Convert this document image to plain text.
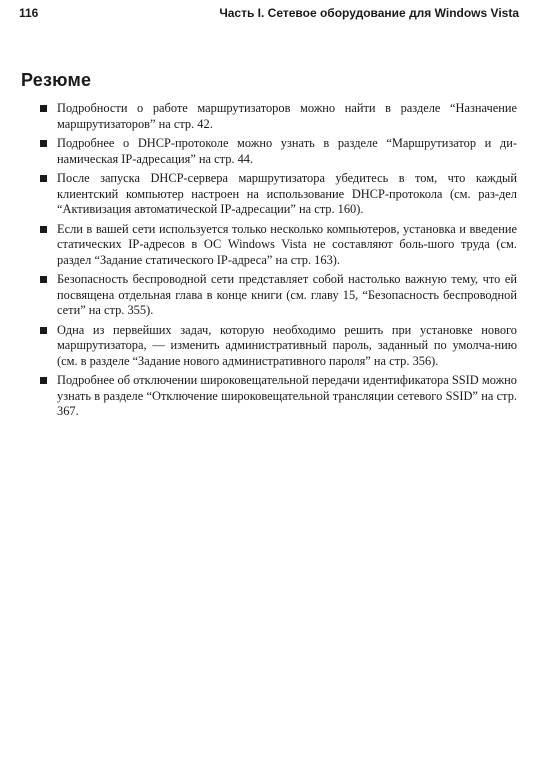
116	Часть I. Сетевое оборудование для Windows Vista
Резюме
Подробности о работе маршрутизаторов можно найти в разделе “Назначение маршрутизаторов” на стр. 42.
Подробнее о DHCP-протоколе можно узнать в разделе “Маршрутизатор и ди-намическая IP-адресация” на стр. 44.
После запуска DHCP-сервера маршрутизатора убедитесь в том, что каждый клиентский компьютер настроен на использование DHCP-протокола (см. раз-дел “Активизация автоматической IP-адресации” на стр. 160).
Если в вашей сети используется только несколько компьютеров, установка и введение статических IP-адресов в ОС Windows Vista не составляют боль-шого труда (см. раздел “Задание статического IP-адреса” на стр. 163).
Безопасность беспроводной сети представляет собой настолько важную тему, что ей посвящена отдельная глава в конце книги (см. главу 15, “Безопасность беспроводной сети” на стр. 355).
Одна из первейших задач, которую необходимо решить при установке нового маршрутизатора, — изменить административный пароль, заданный по умолча-нию (см. в разделе “Задание нового административного пароля” на стр. 356).
Подробнее об отключении широковещательной передачи идентификатора SSID можно узнать в разделе “Отключение широковещательной трансляции сетевого SSID” на стр. 367.
